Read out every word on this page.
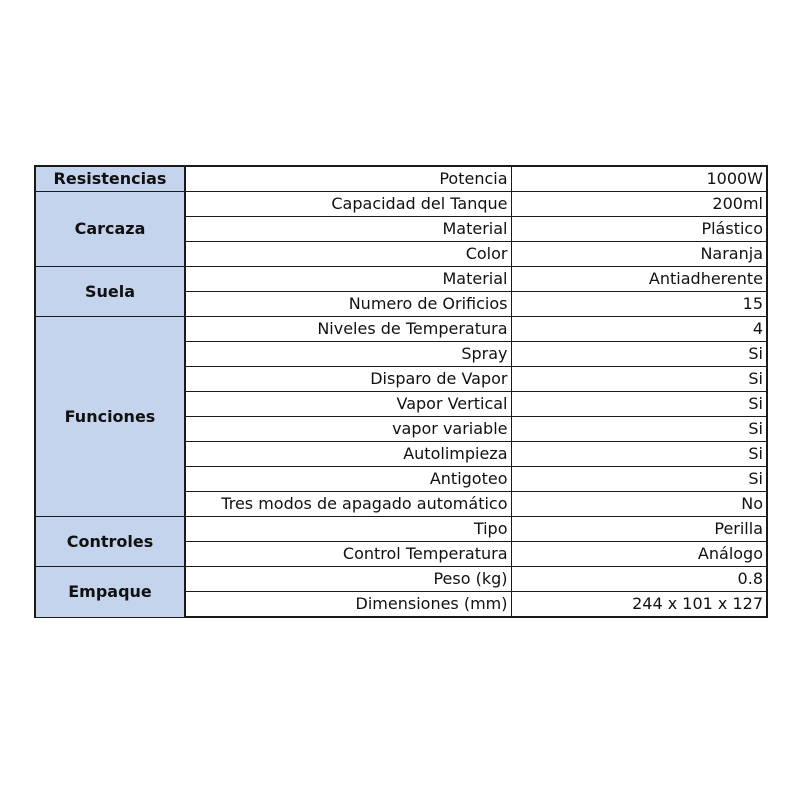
Resistencias	Potencia	1000W
Carcaza	Capacidad del Tanque	200ml
	Material	Plástico
	Color	Naranja
Suela	Material	Antiadherente
	Numero de Orificios	15
Funciones	Niveles de Temperatura	4
	Spray	Si
	Disparo de Vapor	Si
	Vapor Vertical	Si
	vapor variable	Si
	Autolimpieza	Si
	Antigoteo	Si
	Tres modos de apagado automático	No
Controles	Tipo	Perilla
	Control Temperatura	Análogo
Empaque	Peso (kg)	0.8
	Dimensiones (mm)	244 x 101 x 127
